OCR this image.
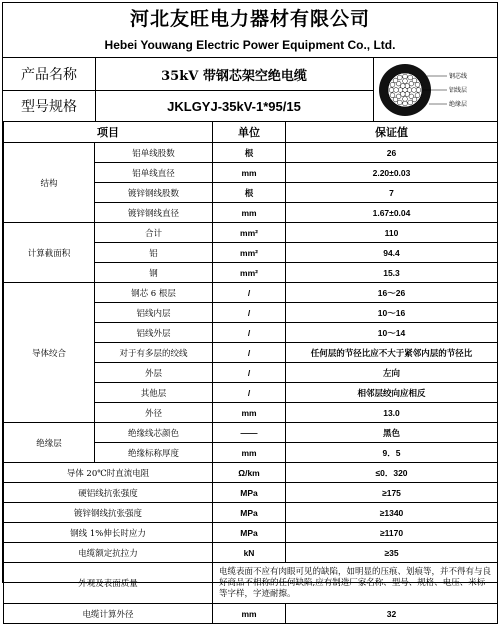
河北友旺电力器材有限公司
Hebei Youwang Electric Power Equipment Co., Ltd.
产品名称	35kV 带钢芯架空绝电缆
型号规格	JKLGYJ-35kV-1*95/15
钢芯线
铝线层
绝缘层
项目		单位	保证值
结构	铝单线股数	根	26
	铝单线直径	mm	2.20±0.03
	镀锌钢线股数	根	7
	镀锌钢线直径	mm	1.67±0.04
计算截面积	合计	mm²	110
	铝	mm²	94.4
	钢	mm²	15.3
导体绞合	钢芯 6 根层	/	16～26
	铝线内层	/	10～16
	铝线外层	/	10～14
	对于有多层的绞线	/	任何层的节径比应不大于紧邻内层的节径比
	外层	/	左向
	其他层	/	相邻层绞向应相反
	外径	mm	13.0
绝缘层	绝缘线芯颜色	——	黑色
	绝缘标称厚度	mm	9．5
导体 20℃时直流电阻		Ω/km	≤0．320
硬铝线抗张强度		MPa	≥175
镀锌钢线抗张强度		MPa	≥1340
钢线 1%伸长时应力		MPa	≥1170
电缆额定抗拉力		kN	≥35
外观及表面质量		电缆表面不应有肉眼可见的缺陷，如明显的压痕、划痕等，并不得有与良好商品不相称的任何缺陷,应有制造厂家名称、型号、规格、电压、米标等字样，字迹耐擦。	
电缆计算外径		mm	32
